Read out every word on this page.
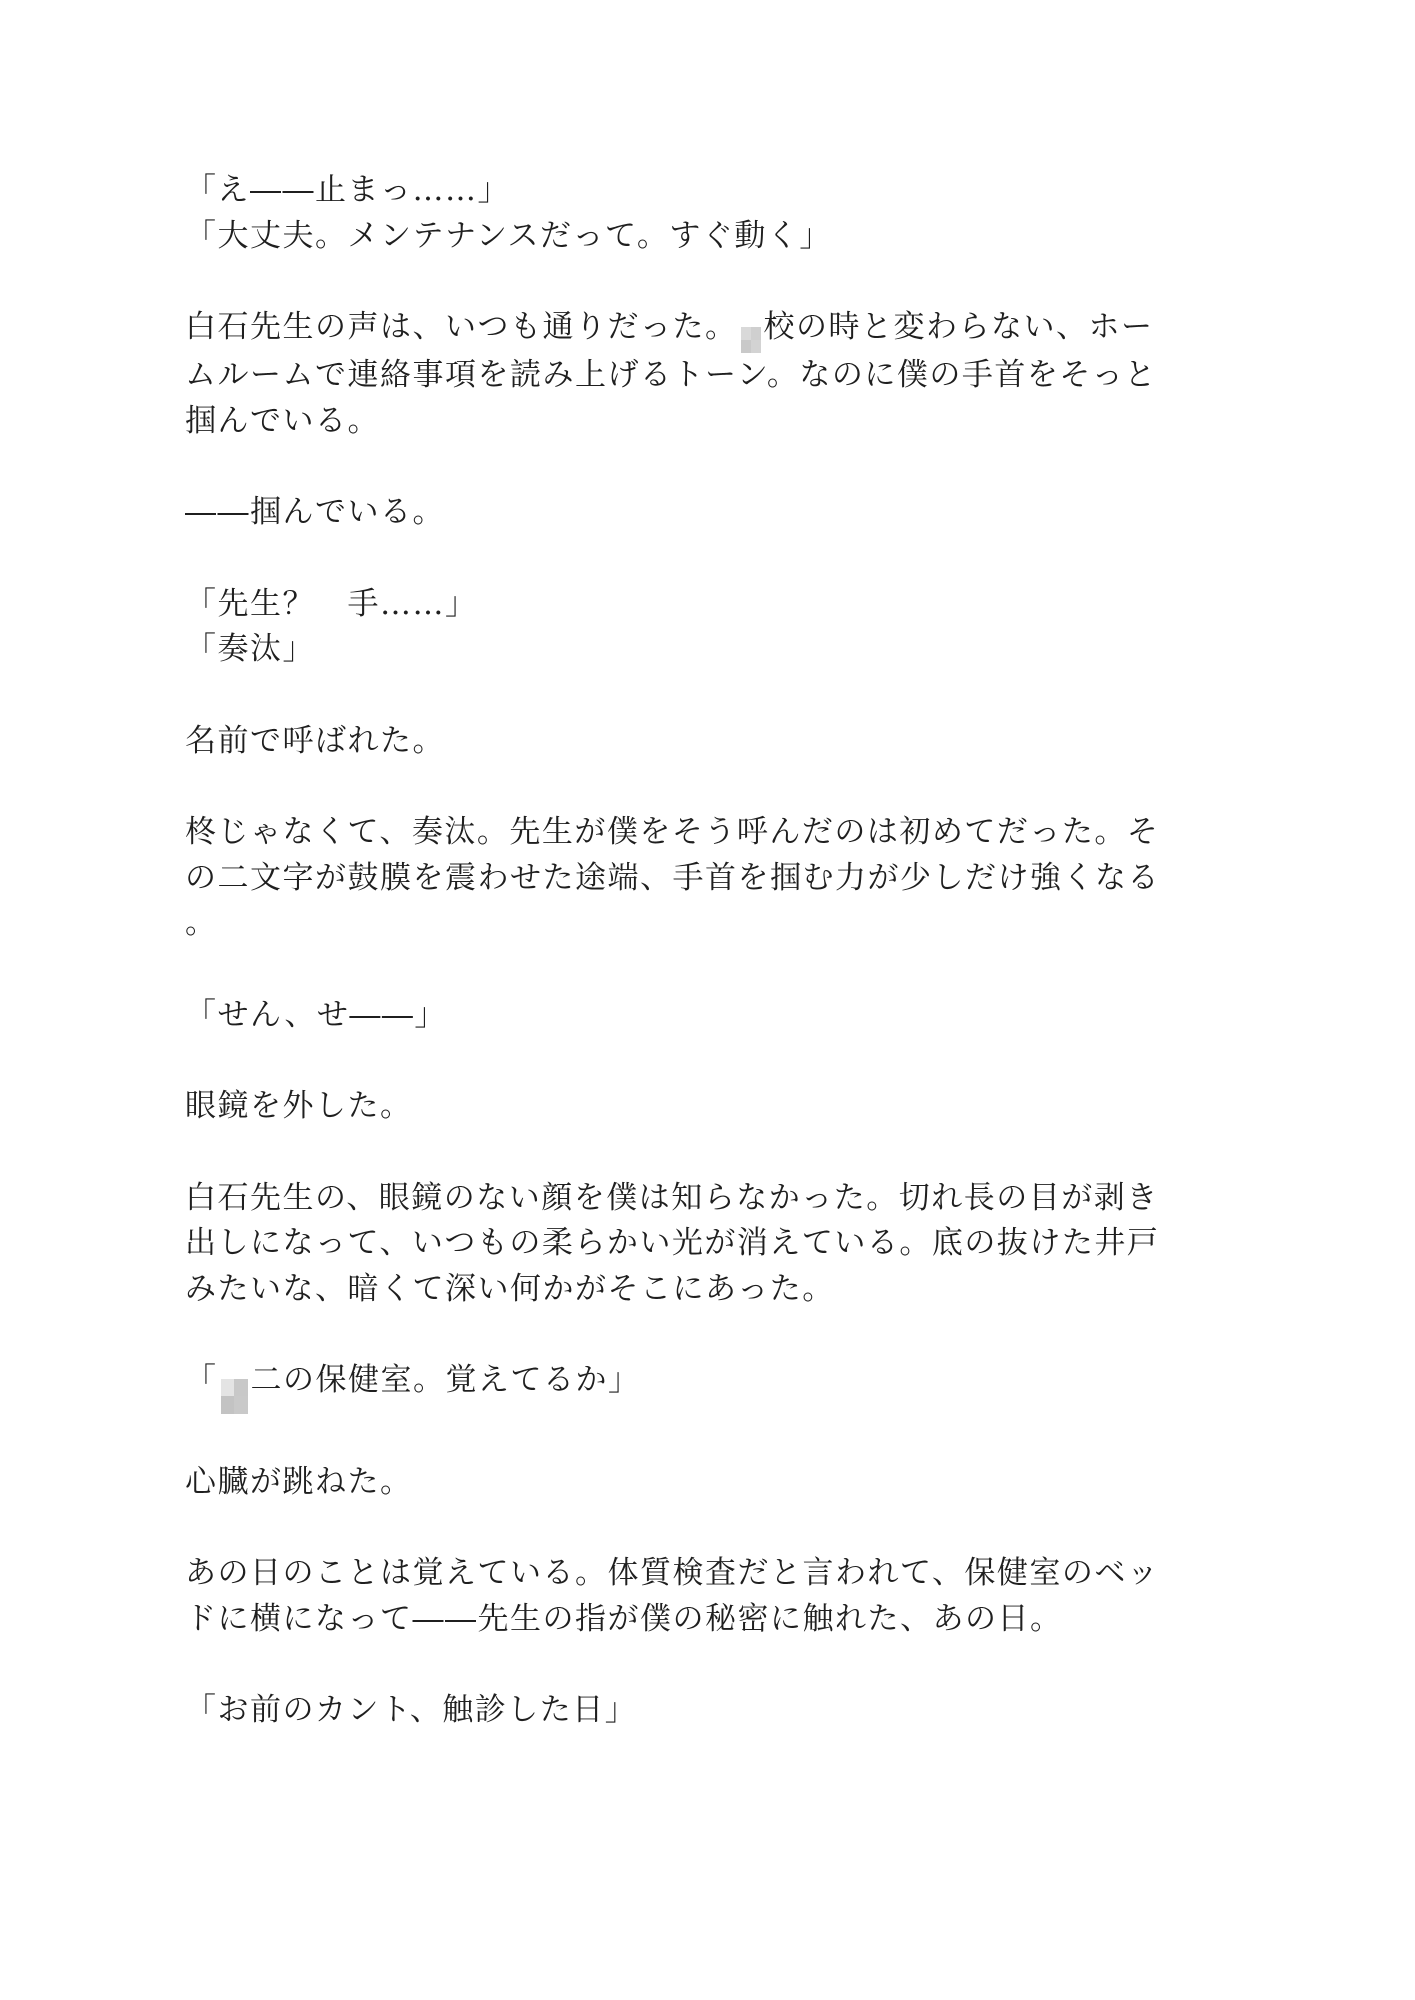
「え――止まっ……」
「大丈夫。メンテナンスだって。すぐ動く」

白石先生の声は、いつも通りだった。 校の時と変わらない、ホー
ムルームで連絡事項を読み上げるトーン。なのに僕の手首をそっと
掴んでいる。

――掴んでいる。

「先生？　手……」
「奏汰」

名前で呼ばれた。

柊じゃなくて、奏汰。先生が僕をそう呼んだのは初めてだった。そ
の二文字が鼓膜を震わせた途端、手首を掴む力が少しだけ強くなる
。

「せん、せ――」

眼鏡を外した。

白石先生の、眼鏡のない顔を僕は知らなかった。切れ長の目が剥き
出しになって、いつもの柔らかい光が消えている。底の抜けた井戸
みたいな、暗くて深い何かがそこにあった。

「 二の保健室。覚えてるか」

心臓が跳ねた。

あの日のことは覚えている。体質検査だと言われて、保健室のベッ
ドに横になって――先生の指が僕の秘密に触れた、あの日。

「お前のカント、触診した日」
